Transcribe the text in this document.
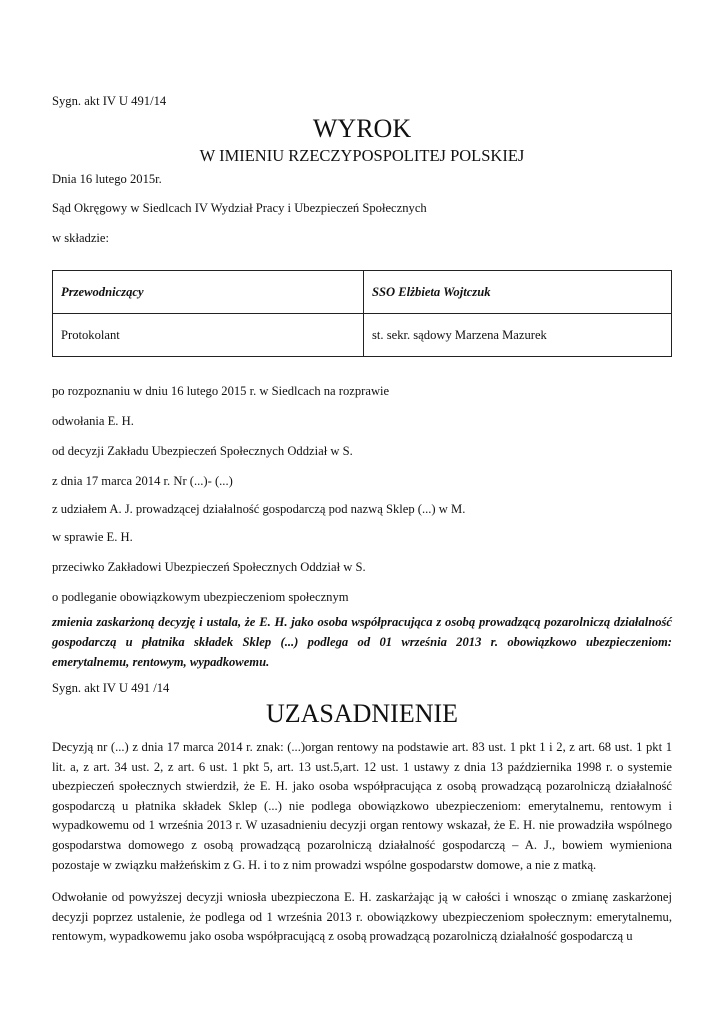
Sygn. akt IV U 491/14
WYROK
W IMIENIU RZECZYPOSPOLITEJ POLSKIEJ
Dnia 16 lutego 2015r.
Sąd Okręgowy w Siedlcach IV Wydział Pracy i Ubezpieczeń Społecznych
w składzie:
Przewodniczący	SSO Elżbieta Wojtczuk
Protokolant	st. sekr. sądowy Marzena Mazurek
po rozpoznaniu w dniu 16 lutego 2015 r. w Siedlcach na rozprawie
odwołania E. H.
od decyzji Zakładu Ubezpieczeń Społecznych Oddział w S.
z dnia 17 marca 2014 r. Nr (...)- (...)
z udziałem A. J. prowadzącej działalność gospodarczą pod nazwą Sklep (...) w M.
w sprawie E. H.
przeciwko Zakładowi Ubezpieczeń Społecznych Oddział w S.
o podleganie obowiązkowym ubezpieczeniom społecznym
zmienia zaskarżoną decyzję i ustala, że E. H. jako osoba współpracująca z osobą prowadzącą pozarolniczą działalność gospodarczą u płatnika składek Sklep (...) podlega od 01 września 2013 r. obowiązkowo ubezpieczeniom: emerytalnemu, rentowym, wypadkowemu.
Sygn. akt IV U 491 /14
UZASADNIENIE
Decyzją nr (...) z dnia 17 marca 2014 r. znak: (...)organ rentowy na podstawie art. 83 ust. 1 pkt 1 i 2, z art. 68 ust. 1 pkt 1 lit. a, z art. 34 ust. 2, z art. 6 ust. 1 pkt 5, art. 13 ust.5,art. 12 ust. 1 ustawy z dnia 13 października 1998 r. o systemie ubezpieczeń społecznych stwierdził, że E. H. jako osoba współpracująca z osobą prowadzącą pozarolniczą działalność gospodarczą u płatnika składek Sklep (...) nie podlega obowiązkowo ubezpieczeniom: emerytalnemu, rentowym i wypadkowemu od 1 września 2013 r. W uzasadnieniu decyzji organ rentowy wskazał, że E. H. nie prowadziła wspólnego gospodarstwa domowego z osobą prowadzącą pozarolniczą działalność gospodarczą – A. J., bowiem wymieniona pozostaje w związku małżeńskim z G. H. i to z nim prowadzi wspólne gospodarstw domowe, a nie z matką.
Odwołanie od powyższej decyzji wniosła ubezpieczona E. H. zaskarżając ją w całości i wnosząc o zmianę zaskarżonej decyzji poprzez ustalenie, że podlega od 1 września 2013 r. obowiązkowy ubezpieczeniom społecznym: emerytalnemu, rentowym, wypadkowemu jako osoba współpracującą z osobą prowadzącą pozarolniczą działalność gospodarczą u
